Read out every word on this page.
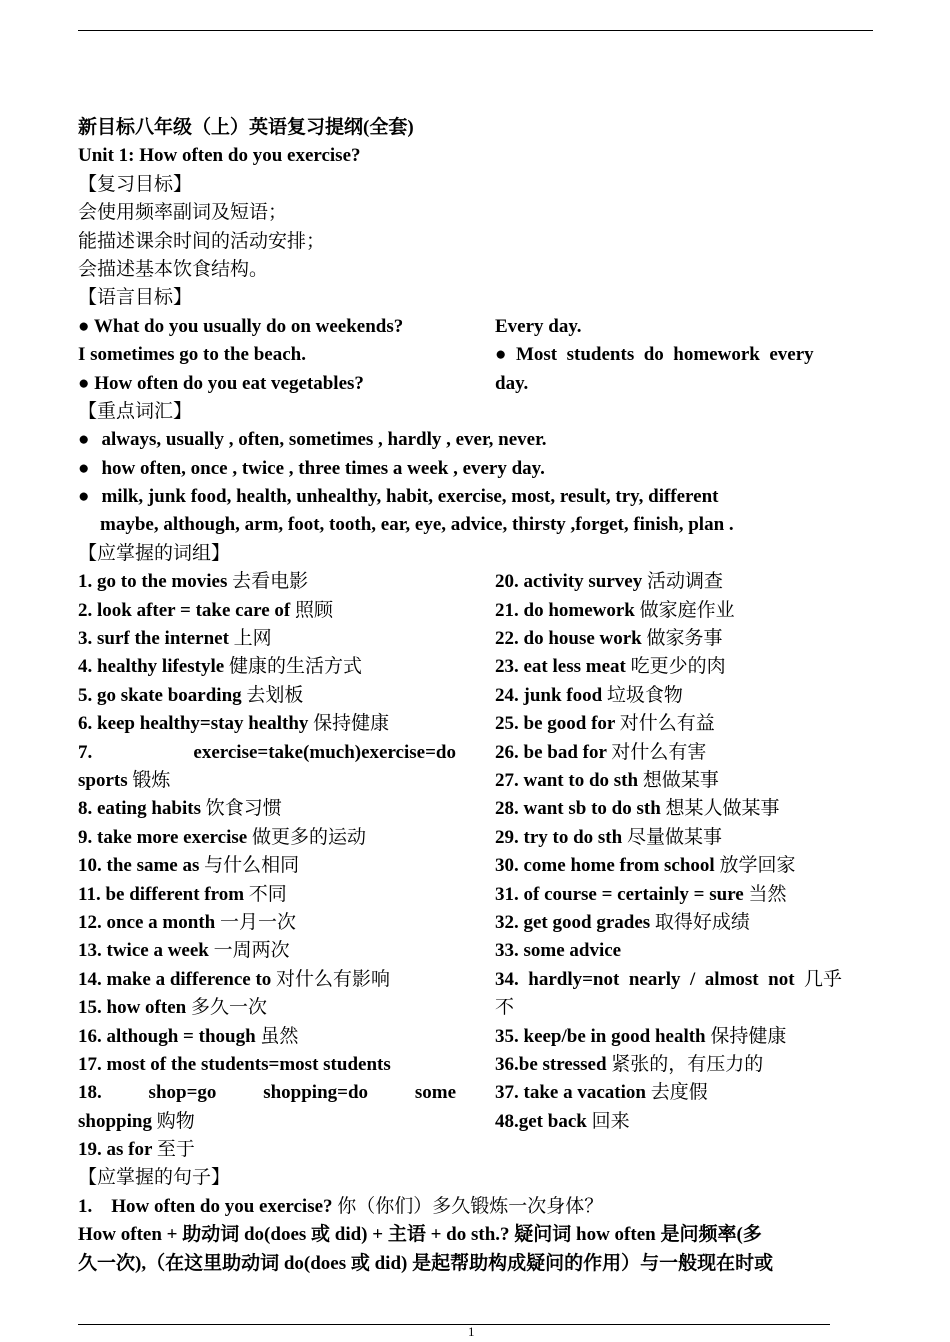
新目标八年级（上）英语复习提纲(全套)
Unit 1: How often do you exercise?
【复习目标】
会使用频率副词及短语；
能描述课余时间的活动安排；
会描述基本饮食结构。
【语言目标】
● What do you usually do on weekends?
I sometimes go to the beach.
● How often do you eat vegetables?
Every day.
●  Most  students  do  homework  every
day.
【重点词汇】
● always, usually , often, sometimes , hardly , ever, never.
● how often, once , twice , three times a week , every day.
● milk, junk food, health, unhealthy, habit, exercise, most, result, try, different
maybe, although, arm, foot, tooth, ear, eye, advice, thirsty ,forget, finish, plan .
【应掌握的词组】
1. go to the movies 去看电影
2. look after = take care of 照顾
3. surf the internet 上网
4. healthy lifestyle 健康的生活方式
5. go skate boarding 去划板
6. keep healthy=stay healthy 保持健康
7.	exercise=take(much)exercise=do
sports 锻炼
8. eating habits 饮食习惯
9. take more exercise 做更多的运动
10. the same as 与什么相同
11. be different from 不同
12. once a month 一月一次
13. twice a week 一周两次
14. make a difference to 对什么有影响
15. how often 多久一次
16. although = though 虽然
17. most of the students=most students
18. shop=go shopping=do some
shopping 购物
19. as for 至于
20. activity survey 活动调查
21. do homework 做家庭作业
22. do house work 做家务事
23. eat less meat 吃更少的肉
24. junk food 垃圾食物
25. be good for 对什么有益
26. be bad for 对什么有害
27. want to do sth 想做某事
28. want sb to do sth 想某人做某事
29. try to do sth 尽量做某事
30. come home from school 放学回家
31. of course = certainly = sure 当然
32. get good grades 取得好成绩
33. some advice
34.  hardly=not  nearly  /  almost  not  几乎
不
35. keep/be in good health 保持健康
36.be stressed 紧张的，有压力的
37. take a vacation 去度假
48.get back 回来
【应掌握的句子】
1.    How often do you exercise? 你（你们）多久锻炼一次身体？
How often + 助动词 do(does 或 did) + 主语 + do sth.? 疑问词 how often 是问频率(多
久一次),（在这里助动词 do(does 或 did) 是起帮助构成疑问的作用）与一般现在时或
1
